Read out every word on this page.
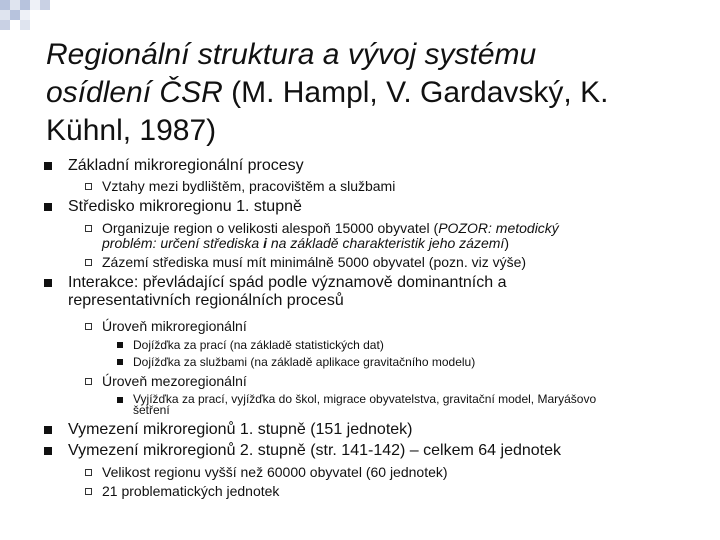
Regionální struktura a vývoj systému
osídlení ČSR (M. Hampl, V. Gardavský, K.
Kühnl, 1987)
Základní mikroregionální procesy
Vztahy mezi bydlištěm, pracovištěm a službami
Středisko mikroregionu 1. stupně
Organizuje region o velikosti alespoň 15000 obyvatel (POZOR: metodický
problém: určení střediska i na základě charakteristik jeho zázemí)
Zázemí střediska musí mít minimálně 5000 obyvatel (pozn. viz výše)
Interakce: převládající spád podle významově dominantních a
representativních regionálních procesů
Úroveň mikroregionální
Dojížďka za prací (na základě statistických dat)
Dojížďka za službami (na základě aplikace gravitačního modelu)
Úroveň mezoregionální
Vyjížďka za prací, vyjížďka do škol, migrace obyvatelstva, gravitační model, Maryášovo
šetření
Vymezení mikroregionů 1. stupně (151 jednotek)
Vymezení mikroregionů 2. stupně (str. 141-142) – celkem 64 jednotek
Velikost regionu vyšší než 60000 obyvatel (60 jednotek)
21 problematických jednotek
